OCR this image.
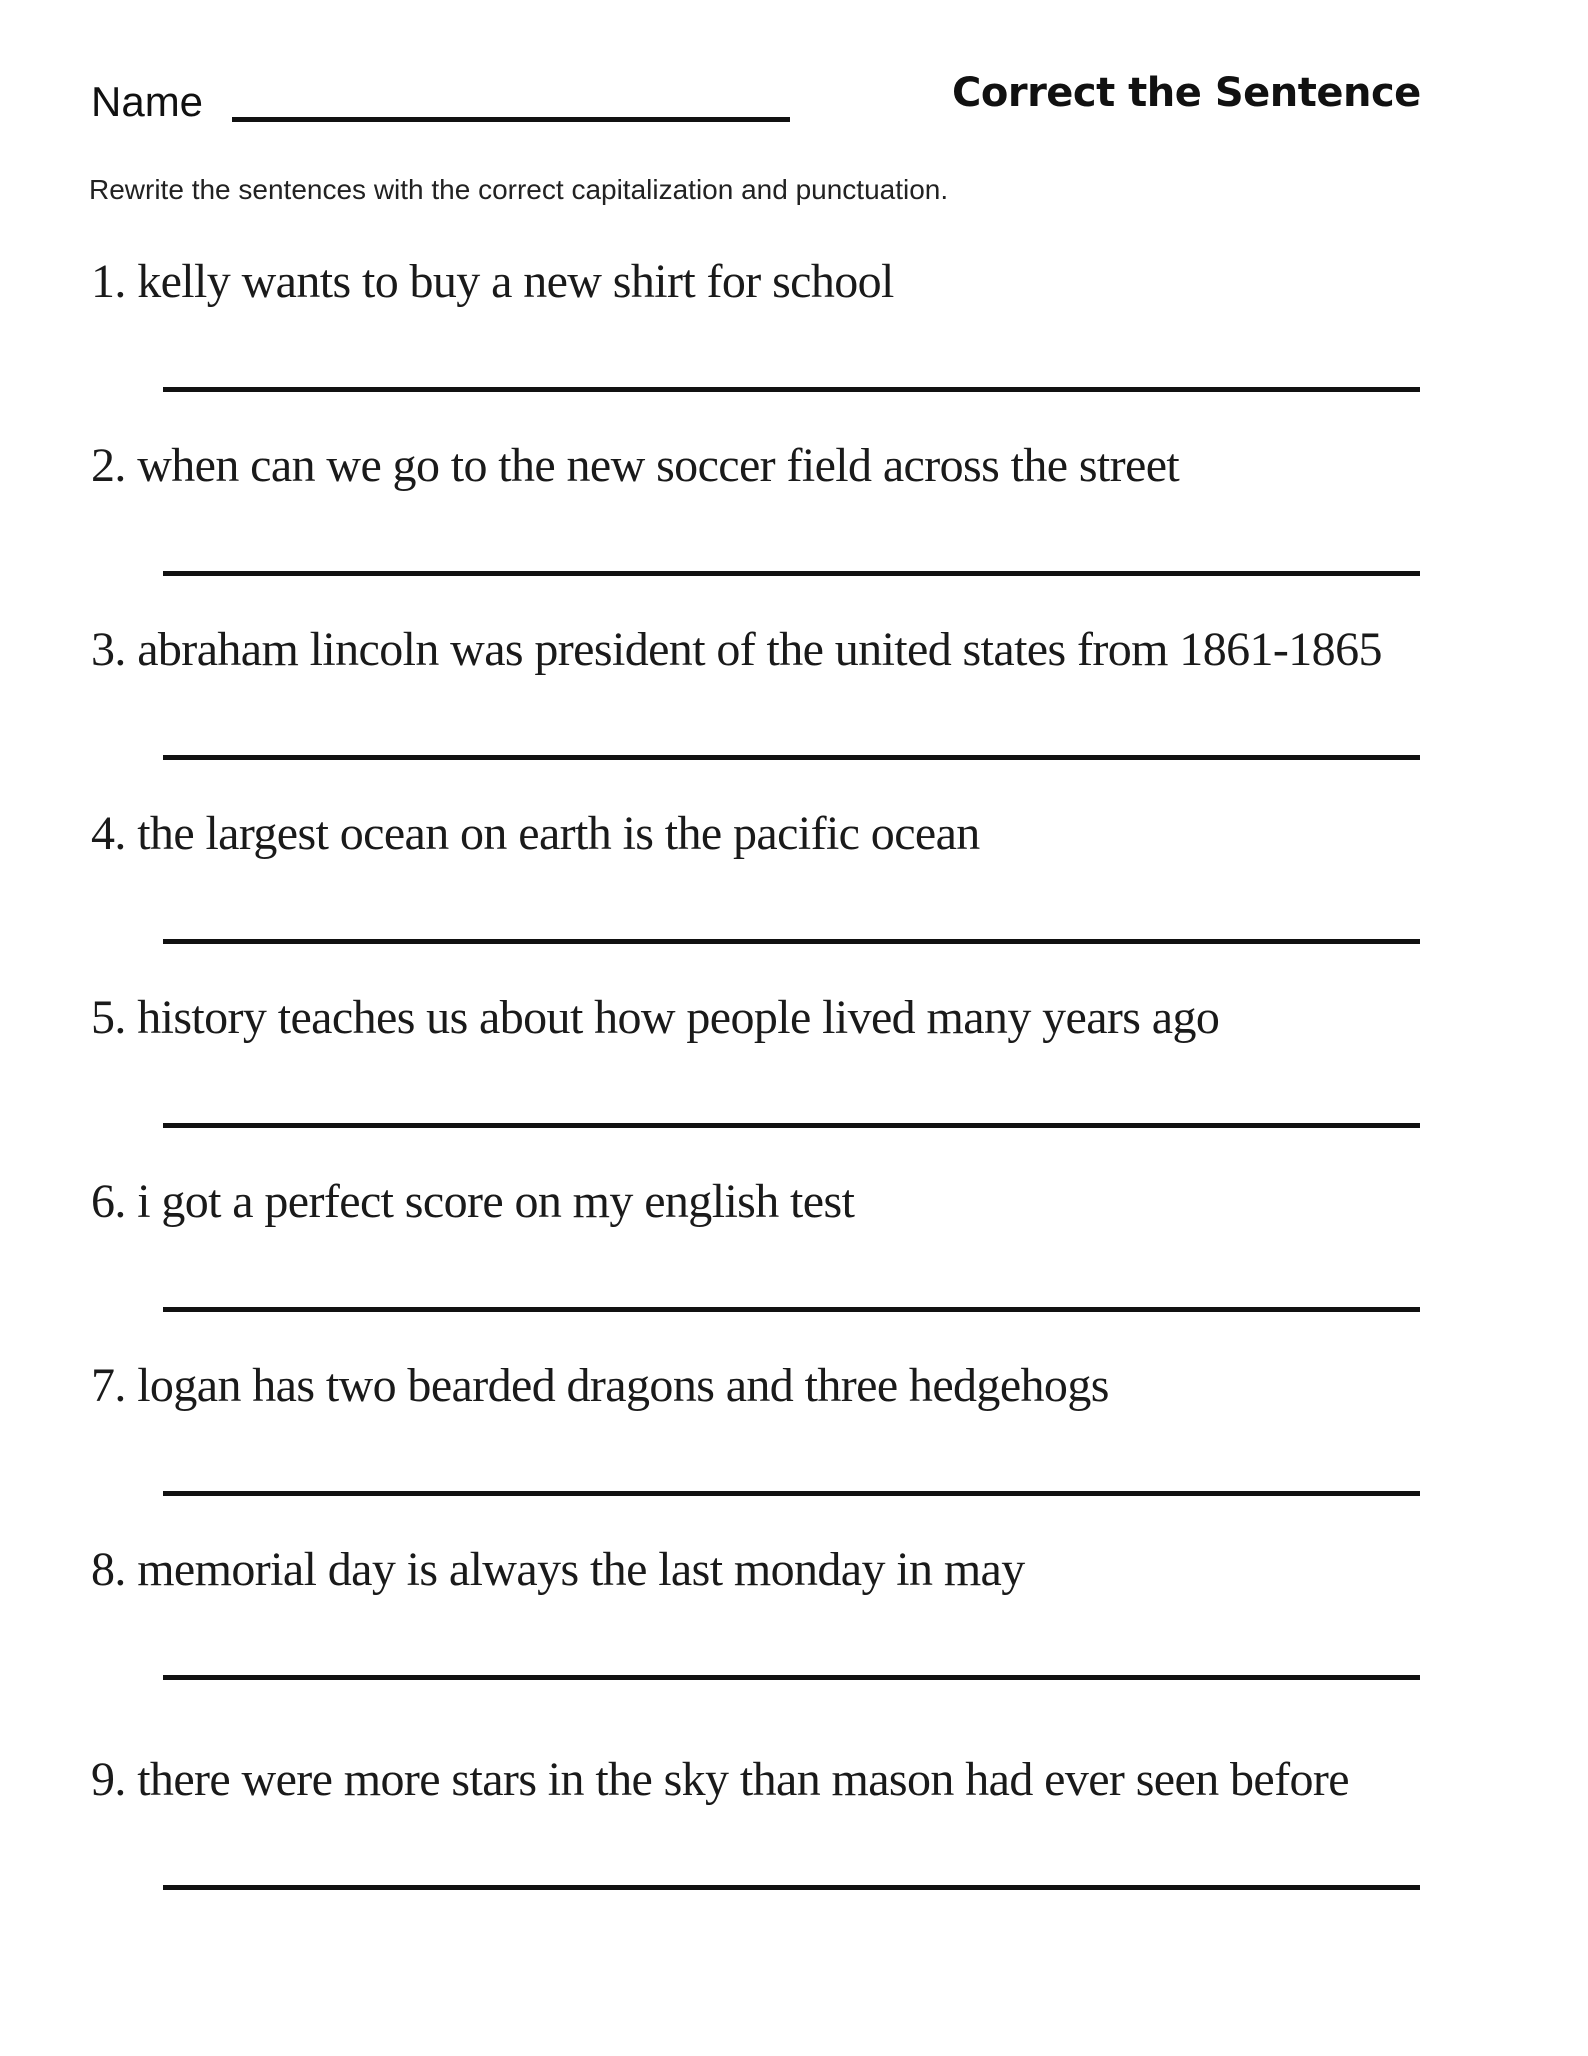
Name	Correct the Sentence
Rewrite the sentences with the correct capitalization and punctuation.
1. kelly wants to buy a new shirt for school
2. when can we go to the new soccer field across the street
3. abraham lincoln was president of the united states from 1861-1865
4. the largest ocean on earth is the pacific ocean
5. history teaches us about how people lived many years ago
6. i got a perfect score on my english test
7. logan has two bearded dragons and three hedgehogs
8. memorial day is always the last monday in may
9. there were more stars in the sky than mason had ever seen before
